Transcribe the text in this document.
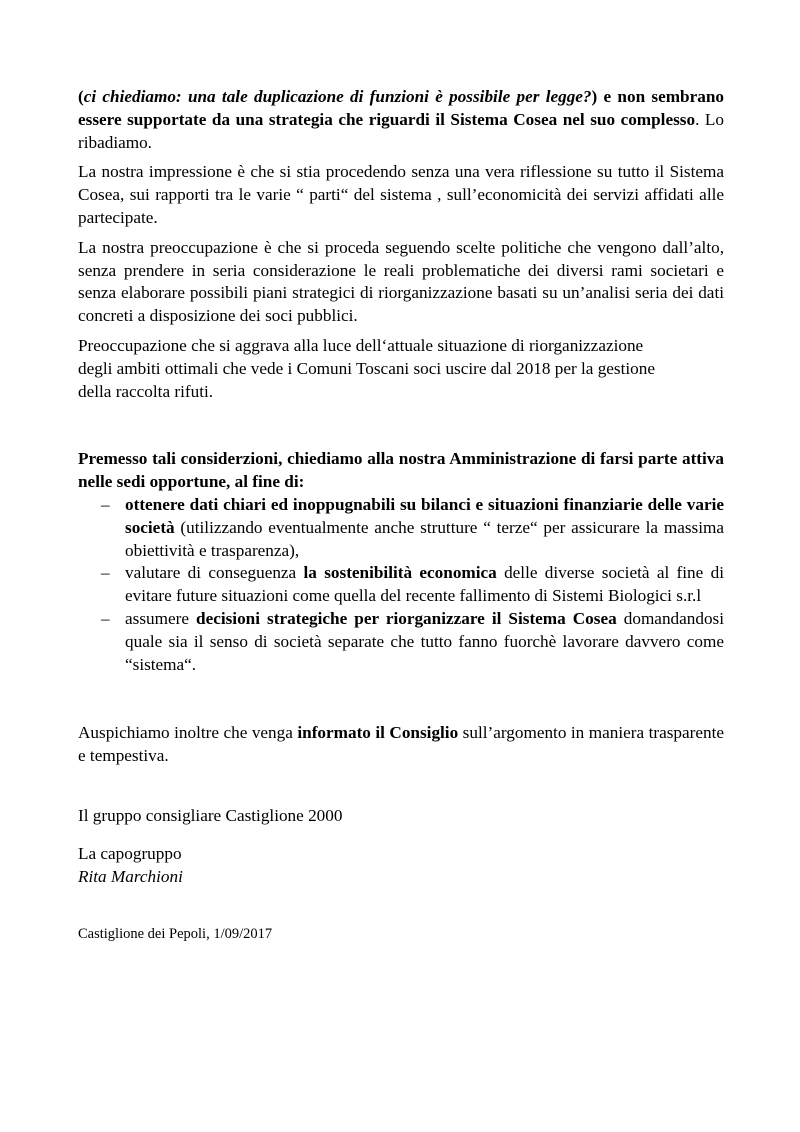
(ci chiediamo: una tale duplicazione di funzioni è possibile per legge?) e non sembrano essere supportate da una strategia che riguardi il Sistema Cosea nel suo complesso. Lo ribadiamo.

La nostra impressione è che si stia procedendo senza una vera riflessione su tutto il Sistema Cosea, sui rapporti tra le varie “ parti“ del sistema , sull’economicità dei servizi affidati alle partecipate.

La nostra preoccupazione è che si proceda seguendo scelte politiche che vengono dall’alto, senza prendere in seria considerazione le reali problematiche dei diversi rami societari e senza elaborare possibili piani strategici di riorganizzazione basati su un’analisi seria dei dati concreti a disposizione dei soci pubblici.

Preoccupazione che si aggrava alla luce dell‘attuale situazione di riorganizzazione
degli ambiti ottimali che vede i Comuni Toscani soci uscire dal 2018 per la gestione
della raccolta rifuti.

Premesso tali considerzioni, chiediamo alla nostra Amministrazione di farsi parte attiva nelle sedi opportune, al fine di:

– ottenere dati chiari ed inoppugnabili su bilanci e situazioni finanziarie delle varie società (utilizzando eventualmente anche strutture “ terze“ per assicurare la massima obiettività e trasparenza),
– valutare di conseguenza la sostenibilità economica delle diverse società al fine di evitare future situazioni come quella del recente fallimento di Sistemi Biologici s.r.l
– assumere decisioni strategiche per riorganizzare il Sistema Cosea domandandosi quale sia il senso di società separate che tutto fanno fuorchè lavorare davvero come “sistema“.

Auspichiamo inoltre che venga informato il Consiglio sull’argomento in maniera trasparente e tempestiva.

Il gruppo consigliare Castiglione 2000

La capogruppo
Rita Marchioni

Castiglione dei Pepoli, 1/09/2017
